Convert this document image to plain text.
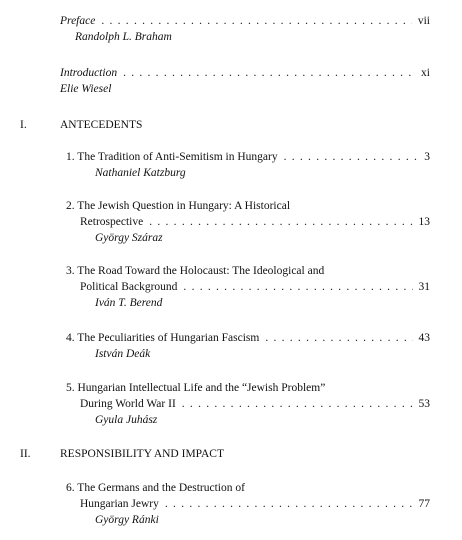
Preface . . .	vii
Randolph L. Braham
Introduction . . .	xi
Elie Wiesel
I.	ANTECEDENTS
1. The Tradition of Anti-Semitism in Hungary . . .	3
Nathaniel Katzburg
2. The Jewish Question in Hungary: A Historical
Retrospective . . .	13
György Száraz
3. The Road Toward the Holocaust: The Ideological and
Political Background . . .	31
Iván T. Berend
4. The Peculiarities of Hungarian Fascism . . .	43
István Deák
5. Hungarian Intellectual Life and the “Jewish Problem”
During World War II . . .	53
Gyula Juhász
II.	RESPONSIBILITY AND IMPACT
6. The Germans and the Destruction of
Hungarian Jewry . . .	77
György Ránki
